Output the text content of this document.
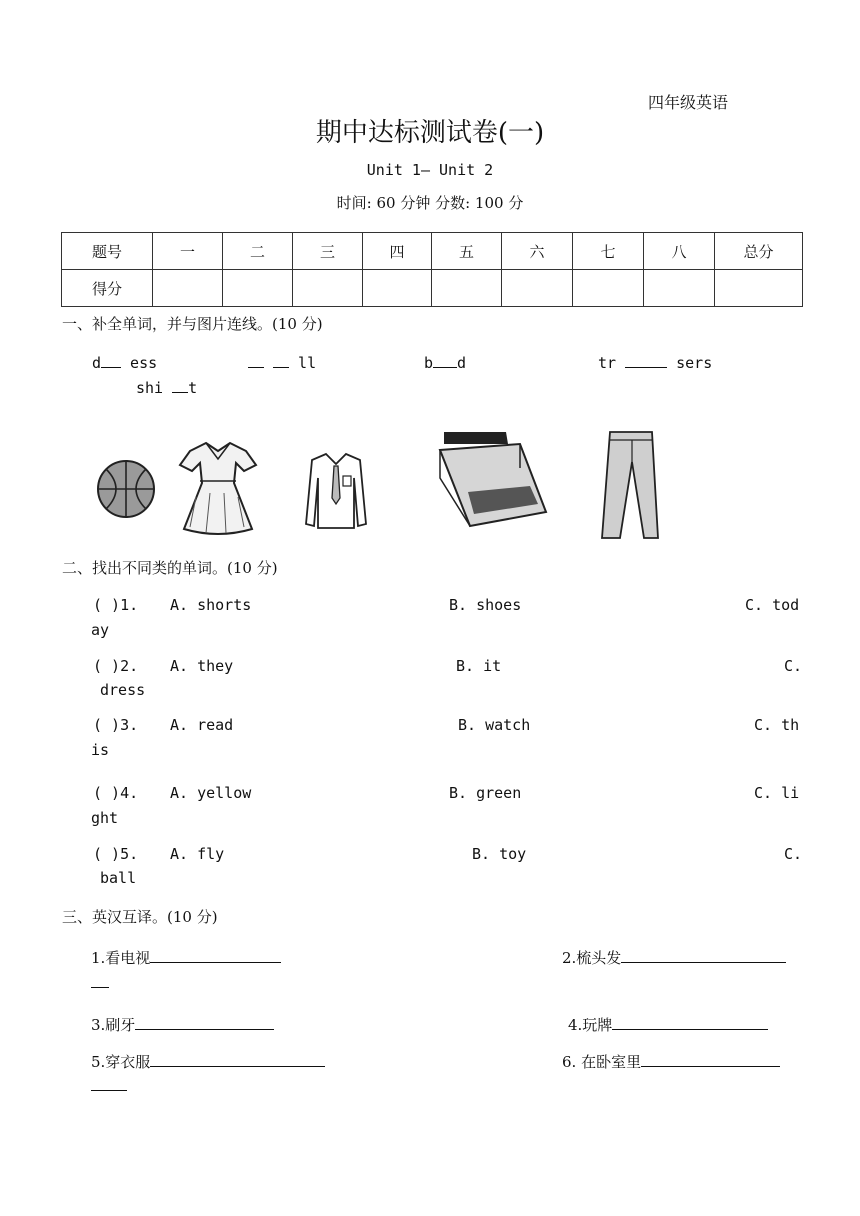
四年级英语
期中达标测试卷(一)
Unit 1— Unit 2
时间: 60 分钟 分数: 100 分
题号	一	二	三	四	五	六	七	八	总分
得分									
一、补全单词，并与图片连线。(10 分)
d ess	ll	b d	tr	sers
shi t
二、找出不同类的单词。(10 分)
( )1. A. shorts	B. shoes	C. tod
ay
( )2. A. they	B. it	C.
dress
( )3. A. read	B. watch	C. th
is
( )4. A. yellow	B. green	C. li
ght
( )5. A. fly	B. toy	C.
ball
三、英汉互译。(10 分)
1.看电视	2.梳头发
3.刷牙	4.玩牌
5.穿衣服	6. 在卧室里
